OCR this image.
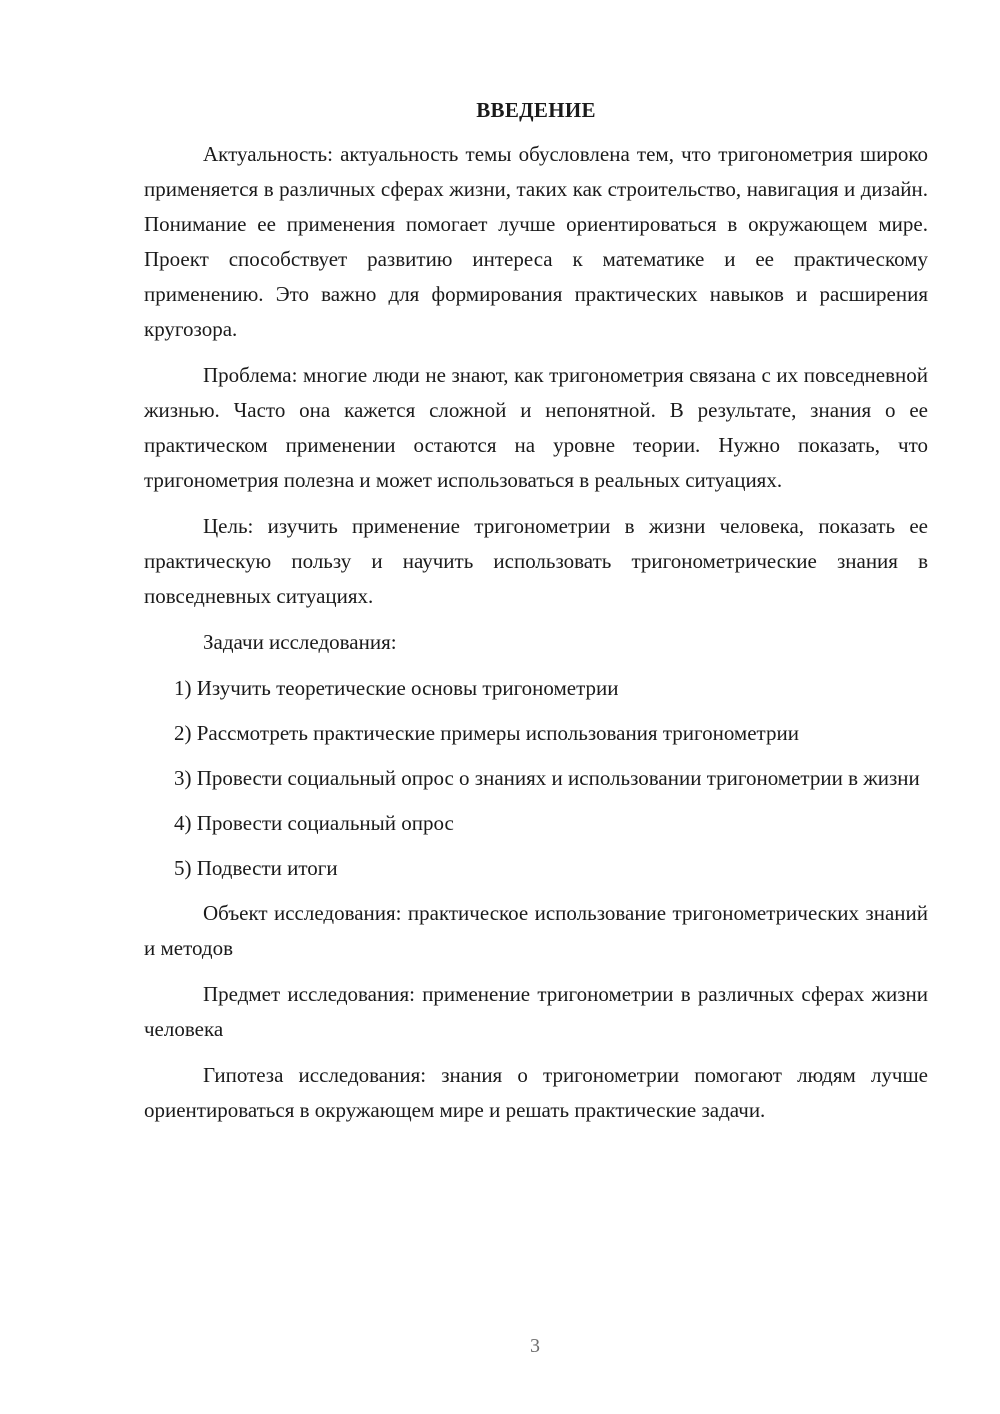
ВВЕДЕНИЕ

Актуальность: актуальность темы обусловлена тем, что тригонометрия широко применяется в различных сферах жизни, таких как строительство, навигация и дизайн. Понимание ее применения помогает лучше ориентироваться в окружающем мире. Проект способствует развитию интереса к математике и ее практическому применению. Это важно для формирования практических навыков и расширения кругозора.

Проблема: многие люди не знают, как тригонометрия связана с их повседневной жизнью. Часто она кажется сложной и непонятной. В результате, знания о ее практическом применении остаются на уровне теории. Нужно показать, что тригонометрия полезна и может использоваться в реальных ситуациях.

Цель: изучить применение тригонометрии в жизни человека, показать ее практическую пользу и научить использовать тригонометрические знания в повседневных ситуациях.

Задачи исследования:

1) Изучить теоретические основы тригонометрии

2) Рассмотреть практические примеры использования тригонометрии

3) Провести социальный опрос о знаниях и использовании тригонометрии в жизни

4) Провести социальный опрос

5) Подвести итоги

Объект исследования: практическое использование тригонометрических знаний и методов

Предмет исследования: применение тригонометрии в различных сферах жизни человека

Гипотеза исследования: знания о тригонометрии помогают людям лучше ориентироваться в окружающем мире и решать практические задачи.

3
